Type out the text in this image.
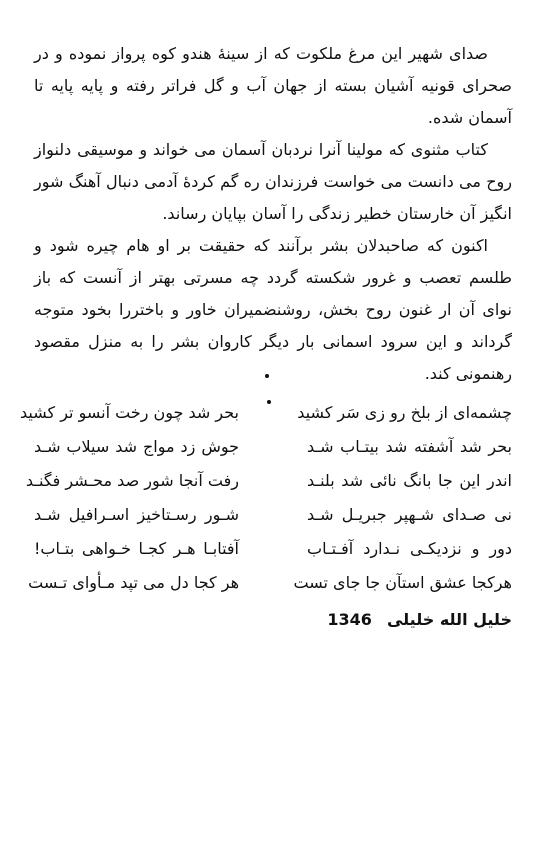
صدای شهیر این مرغ ملکوت که از سینۀ هندو کوه پرواز نموده و در صحرای قونیه آشیان بسته از جهان آب و گل فراتر رفته و پایه پایه تا آسمان شده.

کتاب مثنوی که مولینا آنرا نردبان آسمان می خواند و موسیقی دلنواز روح می دانست می خواست فرزندان ره گم کردۀ آدمی دنبال آهنگ شور انگیز آن خارستان خطیر زندگی را آسان بپایان رساند.

اکنون که صاحبدلان بشر برآنند که حقیقت بر او هام چیره شود و طلسم تعصب و غرور شکسته گردد چه مسرتی بهتر از آنست که باز نوای آن ار غنون روح بخش، روشنضمیران خاور و باختررا بخود متوجه گرداند و این سرود اسمانی بار دیگر کاروان بشر را به منزل مقصود رهنمونی کند.

چشمه‌ای از بلخ رو زی سَر کشید
بحر شد چون رخت آنسو تر کشید
بحر شد آشفته شد بیتـاب شـد
جوش زد مواج شد سیلاب شـد
اندر این جا بانگ نائی شد بلنـد
رفت آنجا شور صد محـشر فگنـد
نی صـدای شـهپر جبریـل شـد
شـور رسـتاخیز اسـرافیل شـد
دور و نزدیکـی نـدارد آفـتـاب
آفتابـا هـر کجـا خـواهی بتـاب!
هرکجا عشق استآن جا جای تست
هر کجا دل می تپد مـأوای تـست
خلیل الله خلیلی 1346
